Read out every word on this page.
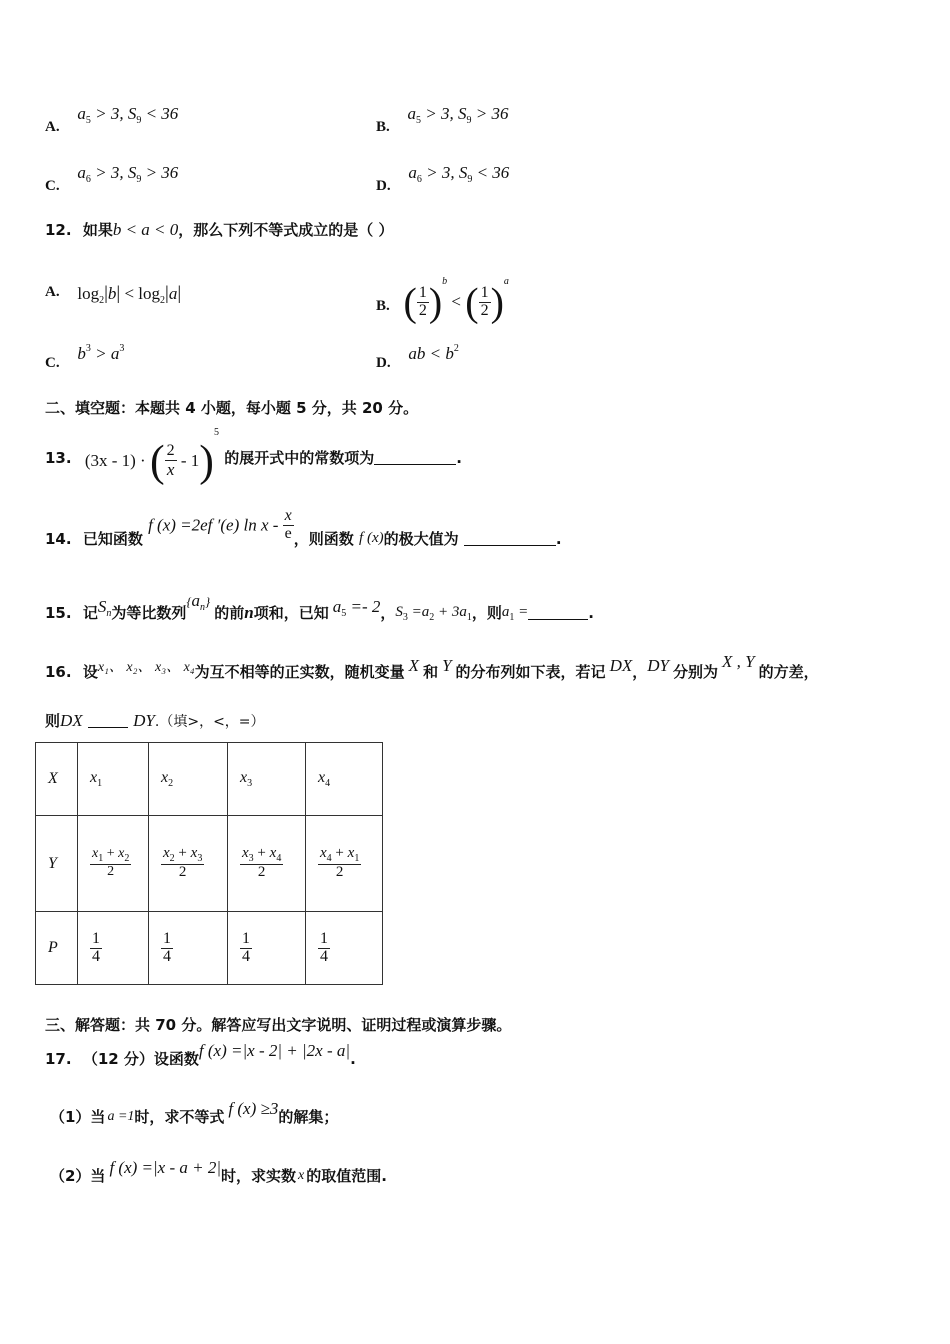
A. $a_5 > 3$, $S_9 < 36$
B. $a_5 > 3$, $S_9 > 36$
C. $a_6 > 3$, $S_9 > 36$
D. $a_6 > 3$, $S_9 < 36$
12. 如果b < a < 0，那么下列不等式成立的是（ ）
A. $\log_2|b| < \log_2|a|$
B. ( $\frac{1}{2} )^b$ < ( $\frac{1}{2} )^a$
C. $b^3 > a^3$
D. ab < $b^2$
二、填空题：本题共 4 小题，每小题 5 分，共 20 分。
13. (3x - 1) · ( $\frac{2}{x} - 1)^5$ 的展开式中的常数项为	.
14. 已知函数 f (x) =2ef ′(e) ln x - $\frac{x}{e}$ ，则函数 f (x)的极大值为	.
15. 记$S_n$为等比数列$\{a_n\}$的前n项和，已知 $a_5 =- 2$，$S_3 =a_2 + 3a_1$，则$a_1$ =	.
16. 设x₁、 x₂、 x₃、 x₄为互不相等的正实数，随机变量 X 和 Y 的分布列如下表，若记 DX，DY 分别为X , Y的方差，
则DX	DY.（填>，<，=）
X	$x_1$	$x_2$	$x_3$	$x_4$
Y	$\frac{x_1 + x_2}{2}$	$\frac{x_2 + x_3}{2}$	$\frac{x_3 + x_4}{2}$	$\frac{x_4 + x_1}{2}$

P	$\frac{1}{4}$	$\frac{1}{4}$	$\frac{1}{4}$	$\frac{1}{4}$
三、解答题：共 70 分。解答应写出文字说明、证明过程或演算步骤。
17. （12 分）设函数f (x) =|x - 2| + |2x - a|.
（1）当 a =1时，求不等式 f (x) ≥3的解集；
（2）当 f (x) =|x - a + 2|时，求实数 x 的取值范围.
